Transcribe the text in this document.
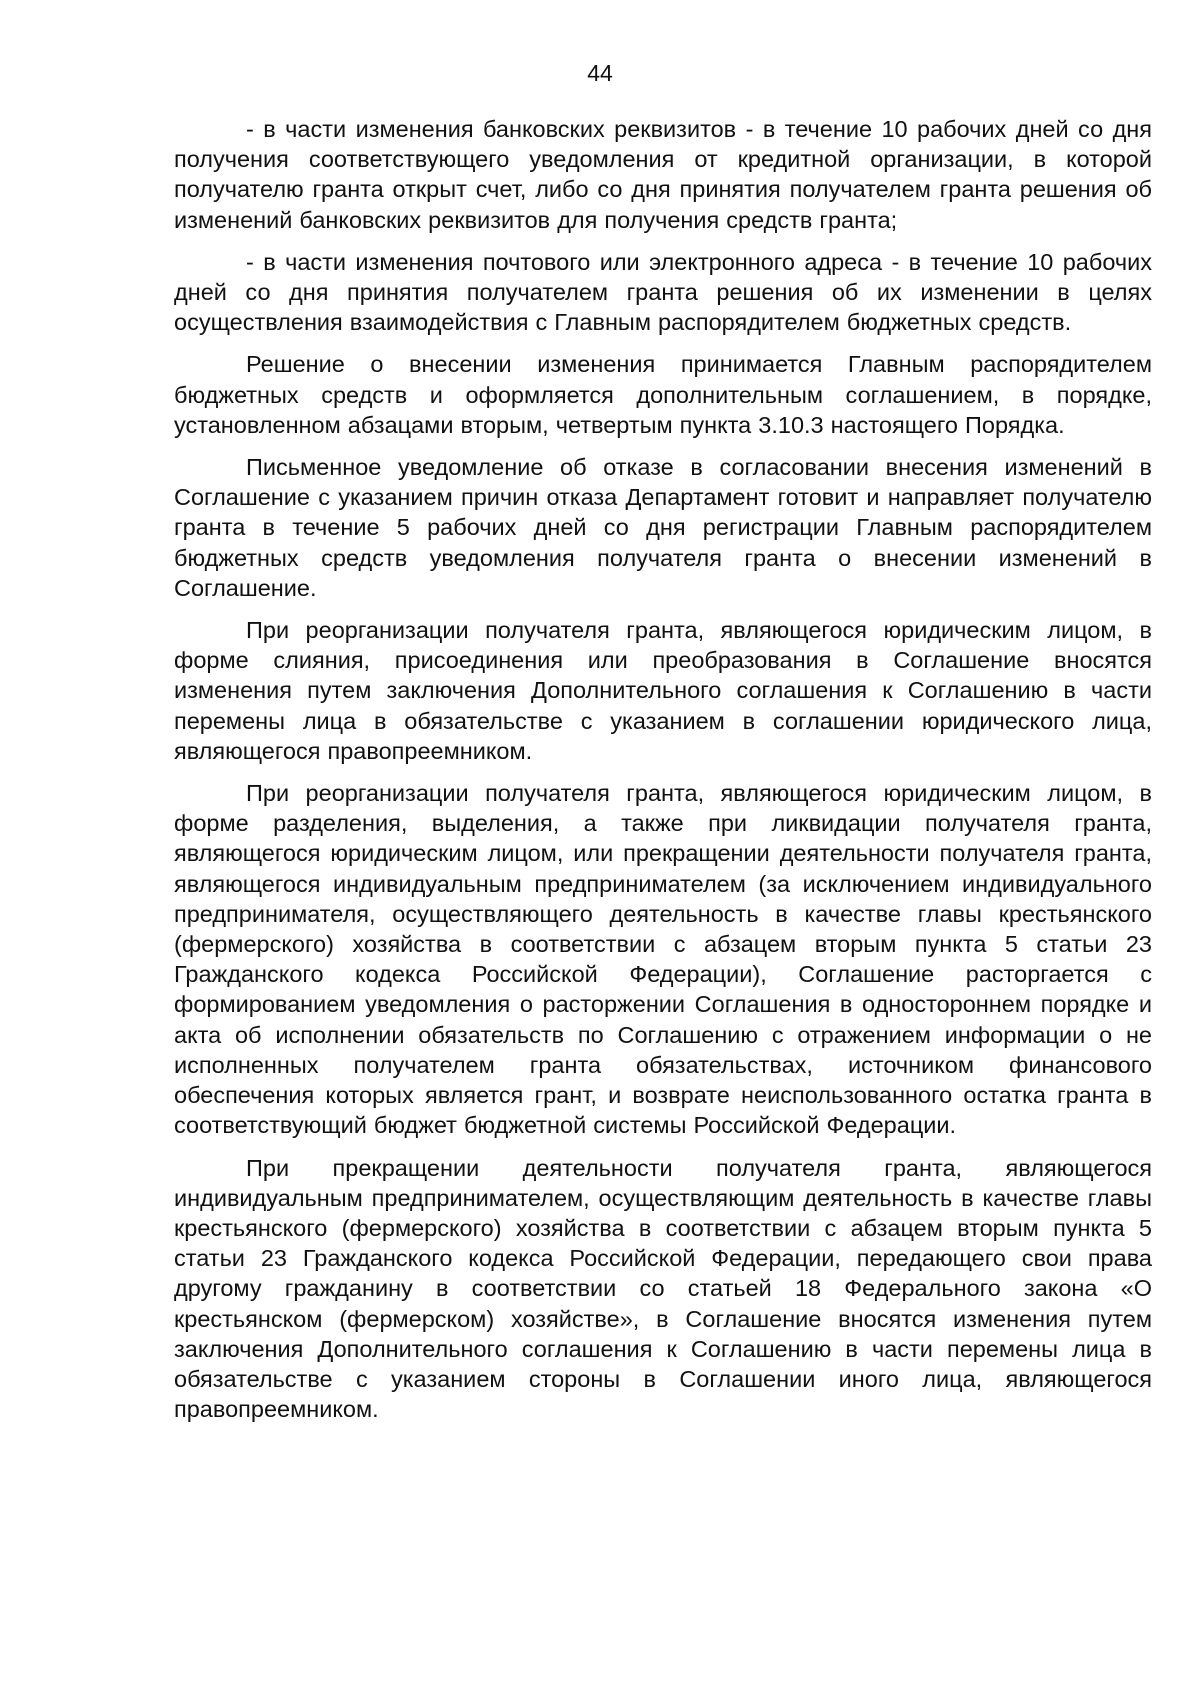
44

- в части изменения банковских реквизитов - в течение 10 рабочих дней со дня получения соответствующего уведомления от кредитной организации, в которой получателю гранта открыт счет, либо со дня принятия получателем гранта решения об изменений банковских реквизитов для получения средств гранта;

- в части изменения почтового или электронного адреса - в течение 10 рабочих дней со дня принятия получателем гранта решения об их изменении в целях осуществления взаимодействия с Главным распорядителем бюджетных средств.

Решение о внесении изменения принимается Главным распорядителем бюджетных средств и оформляется дополнительным соглашением, в порядке, установленном абзацами вторым, четвертым пункта 3.10.3 настоящего Порядка.

Письменное уведомление об отказе в согласовании внесения изменений в Соглашение с указанием причин отказа Департамент готовит и направляет получателю гранта в течение 5 рабочих дней со дня регистрации Главным распорядителем бюджетных средств уведомления получателя гранта о внесении изменений в Соглашение.

При реорганизации получателя гранта, являющегося юридическим лицом, в форме слияния, присоединения или преобразования в Соглашение вносятся изменения путем заключения Дополнительного соглашения к Соглашению в части перемены лица в обязательстве с указанием в соглашении юридического лица, являющегося правопреемником.

При реорганизации получателя гранта, являющегося юридическим лицом, в форме разделения, выделения, а также при ликвидации получателя гранта, являющегося юридическим лицом, или прекращении деятельности получателя гранта, являющегося индивидуальным предпринимателем (за исключением индивидуального предпринимателя, осуществляющего деятельность в качестве главы крестьянского (фермерского) хозяйства в соответствии с абзацем вторым пункта 5 статьи 23 Гражданского кодекса Российской Федерации), Соглашение расторгается с формированием уведомления о расторжении Соглашения в одностороннем порядке и акта об исполнении обязательств по Соглашению с отражением информации о не исполненных получателем гранта обязательствах, источником финансового обеспечения которых является грант, и возврате неиспользованного остатка гранта в соответствующий бюджет бюджетной системы Российской Федерации.

При прекращении деятельности получателя гранта, являющегося индивидуальным предпринимателем, осуществляющим деятельность в качестве главы крестьянского (фермерского) хозяйства в соответствии с абзацем вторым пункта 5 статьи 23 Гражданского кодекса Российской Федерации, передающего свои права другому гражданину в соответствии со статьей 18 Федерального закона «О крестьянском (фермерском) хозяйстве», в Соглашение вносятся изменения путем заключения Дополнительного соглашения к Соглашению в части перемены лица в обязательстве с указанием стороны в Соглашении иного лица, являющегося правопреемником.
